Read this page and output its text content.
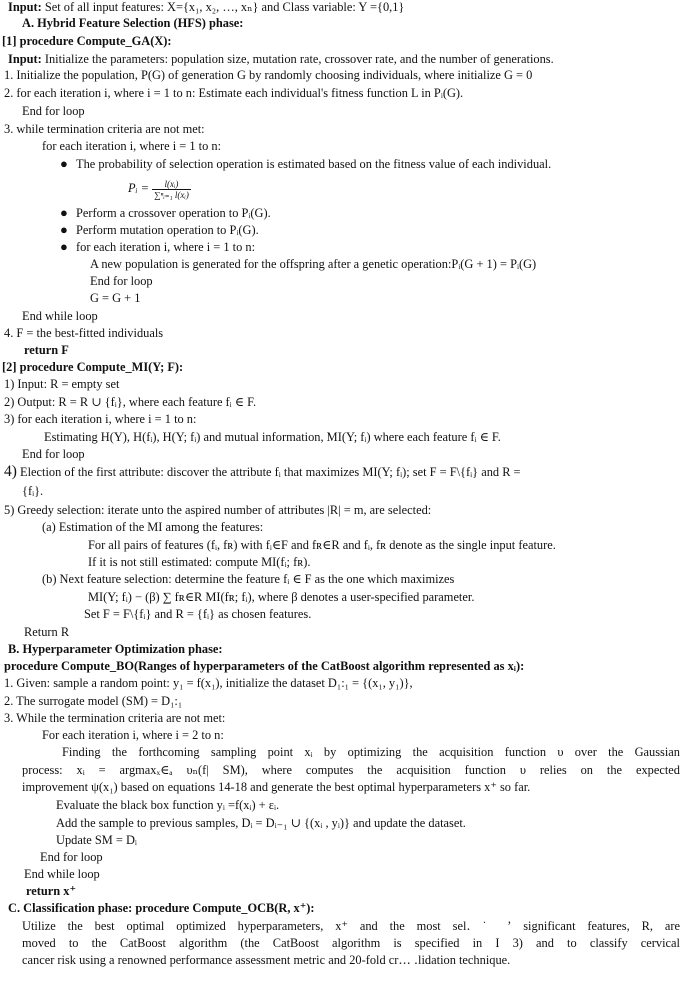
Input: Set of all input features: X={x₁, x₂, …, xₙ} and Class variable: Y ={0,1}
A. Hybrid Feature Selection (HFS) phase:
[1] procedure Compute_GA(X):
Input: Initialize the parameters: population size, mutation rate, crossover rate, and the number of generations.
1. Initialize the population, P(G) of generation G by randomly choosing individuals, where initialize G = 0
2. for each iteration i, where i = 1 to n: Estimate each individual's fitness function L in Pᵢ(G).
End for loop
3. while termination criteria are not met:
for each iteration i, where i = 1 to n:
● The probability of selection operation is estimated based on the fitness value of each individual.
Pᵢ = $\frac{\text{l(xᵢ)}}{\text{∑ⁿᵢ₌₁ l(xᵢ)}}$
● Perform a crossover operation to Pᵢ(G).
● Perform mutation operation to Pᵢ(G).
● for each iteration i, where i = 1 to n:
A new population is generated for the offspring after a genetic operation:Pᵢ(G + 1) = Pᵢ(G)
End for loop
G = G + 1
End while loop
4. F = the best-fitted individuals
return F
[2] procedure Compute_MI(Y; F):
1) Input: R = empty set
2) Output: R = R ∪ {fᵢ}, where each feature fᵢ ∈ F.
3) for each iteration i, where i = 1 to n:
Estimating H(Y), H(fᵢ), H(Y; fᵢ) and mutual information, MI(Y; fᵢ) where each feature fᵢ ∈ F.
End for loop
4) Election of the first attribute: discover the attribute fᵢ that maximizes MI(Y; fᵢ); set F = F\{fᵢ} and R =
{fᵢ}.
5) Greedy selection: iterate unto the aspired number of attributes |R| = m, are selected:
(a) Estimation of the MI among the features:
For all pairs of features (fᵢ, fʀ) with fᵢ∈F and fʀ∈R and fᵢ, fʀ denote as the single input feature.
If it is not still estimated: compute MI(fᵢ; fʀ).
(b) Next feature selection: determine the feature fᵢ ∈ F as the one which maximizes
MI(Y; fᵢ) − (β) ∑ fʀ∈R MI(fʀ; fᵢ), where β denotes a user-specified parameter.
Set F = F\{fᵢ} and R = {fᵢ} as chosen features.
Return R
B. Hyperparameter Optimization phase:
procedure Compute_BO(Ranges of hyperparameters of the CatBoost algorithm represented as xᵢ):
1. Given: sample a random point: y₁ = f(x₁), initialize the dataset D₁:₁ = {(x₁, y₁)},
2. The surrogate model (SM) = D₁:₁
3. While the termination criteria are not met:
For each iteration i, where i = 2 to n:
Finding the forthcoming sampling point xᵢ by optimizing the acquisition function υ over the Gaussian
process: xᵢ = argmaxₓ∈ₐ υₙ(f| SM), where computes the acquisition function υ relies on the expected
improvement ψ(x₁) based on equations 14-18 and generate the best optimal hyperparameters x⁺ so far.
Evaluate the black box function yᵢ =f(xᵢ) + εᵢ.
Add the sample to previous samples, Dᵢ = Dᵢ₋₁ ∪ {(xᵢ , yᵢ)} and update the dataset.
Update SM = Dᵢ
End for loop
End while loop
return x⁺
C. Classification phase: procedure Compute_OCB(R, x⁺):
Utilize the best optimal optimized hyperparameters, x⁺ and the most sel․ ˙ ʼ significant features, R, are
moved to the CatBoost algorithm (the CatBoost algorithm is specified in I 3) and to classify cervical
cancer risk using a renowned performance assessment metric and 20-fold cr․․․ ․lidation technique.
